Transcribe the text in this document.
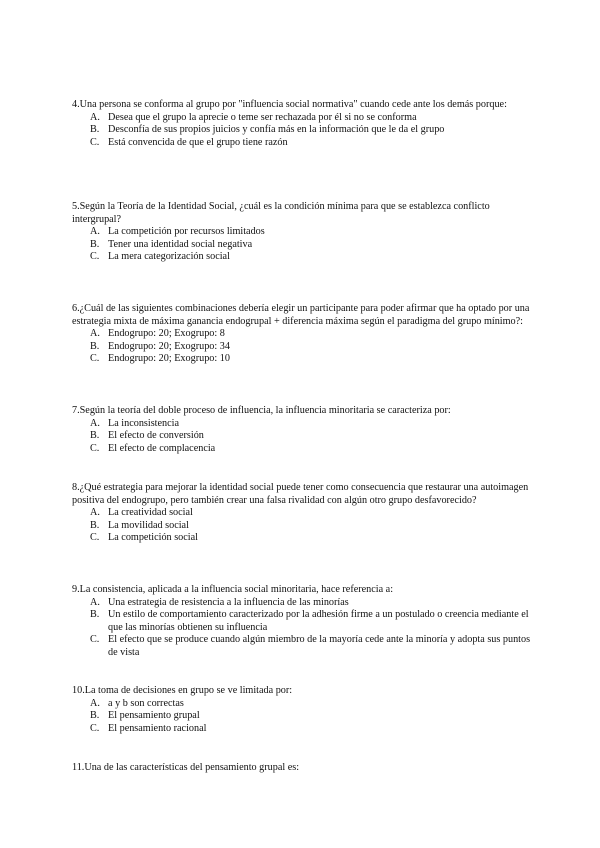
4.Una persona se conforma al grupo por "influencia social normativa" cuando cede ante los demás porque:

A. Desea que el grupo la aprecie o teme ser rechazada por él si no se conforma
B. Desconfía de sus propios juicios y confía más en la información que le da el grupo
C. Está convencida de que el grupo tiene razón

5.Según la Teoría de la Identidad Social, ¿cuál es la condición mínima para que se establezca conflicto intergrupal?

A. La competición por recursos limitados
B. Tener una identidad social negativa
C. La mera categorización social

6.¿Cuál de las siguientes combinaciones debería elegir un participante para poder afirmar que ha optado por una estrategia mixta de máxima ganancia endogrupal + diferencia máxima según el paradigma del grupo mínimo?:

A. Endogrupo: 20; Exogrupo: 8
B. Endogrupo: 20; Exogrupo: 34
C. Endogrupo: 20; Exogrupo: 10

7.Según la teoría del doble proceso de influencia, la influencia minoritaria se caracteriza por:

A. La inconsistencia
B. El efecto de conversión
C. El efecto de complacencia

8.¿Qué estrategia para mejorar la identidad social puede tener como consecuencia que restaurar una autoimagen positiva del endogrupo, pero también crear una falsa rivalidad con algún otro grupo desfavorecido?

A. La creatividad social
B. La movilidad social
C. La competición social

9.La consistencia, aplicada a la influencia social minoritaria, hace referencia a:

A. Una estrategia de resistencia a la influencia de las minorías
B. Un estilo de comportamiento caracterizado por la adhesión firme a un postulado o creencia mediante el que las minorías obtienen su influencia
C. El efecto que se produce cuando algún miembro de la mayoría cede ante la minoría y adopta sus puntos de vista

10.La toma de decisiones en grupo se ve limitada por:

A. a y b son correctas
B. El pensamiento grupal
C. El pensamiento racional

11.Una de las características del pensamiento grupal es:
